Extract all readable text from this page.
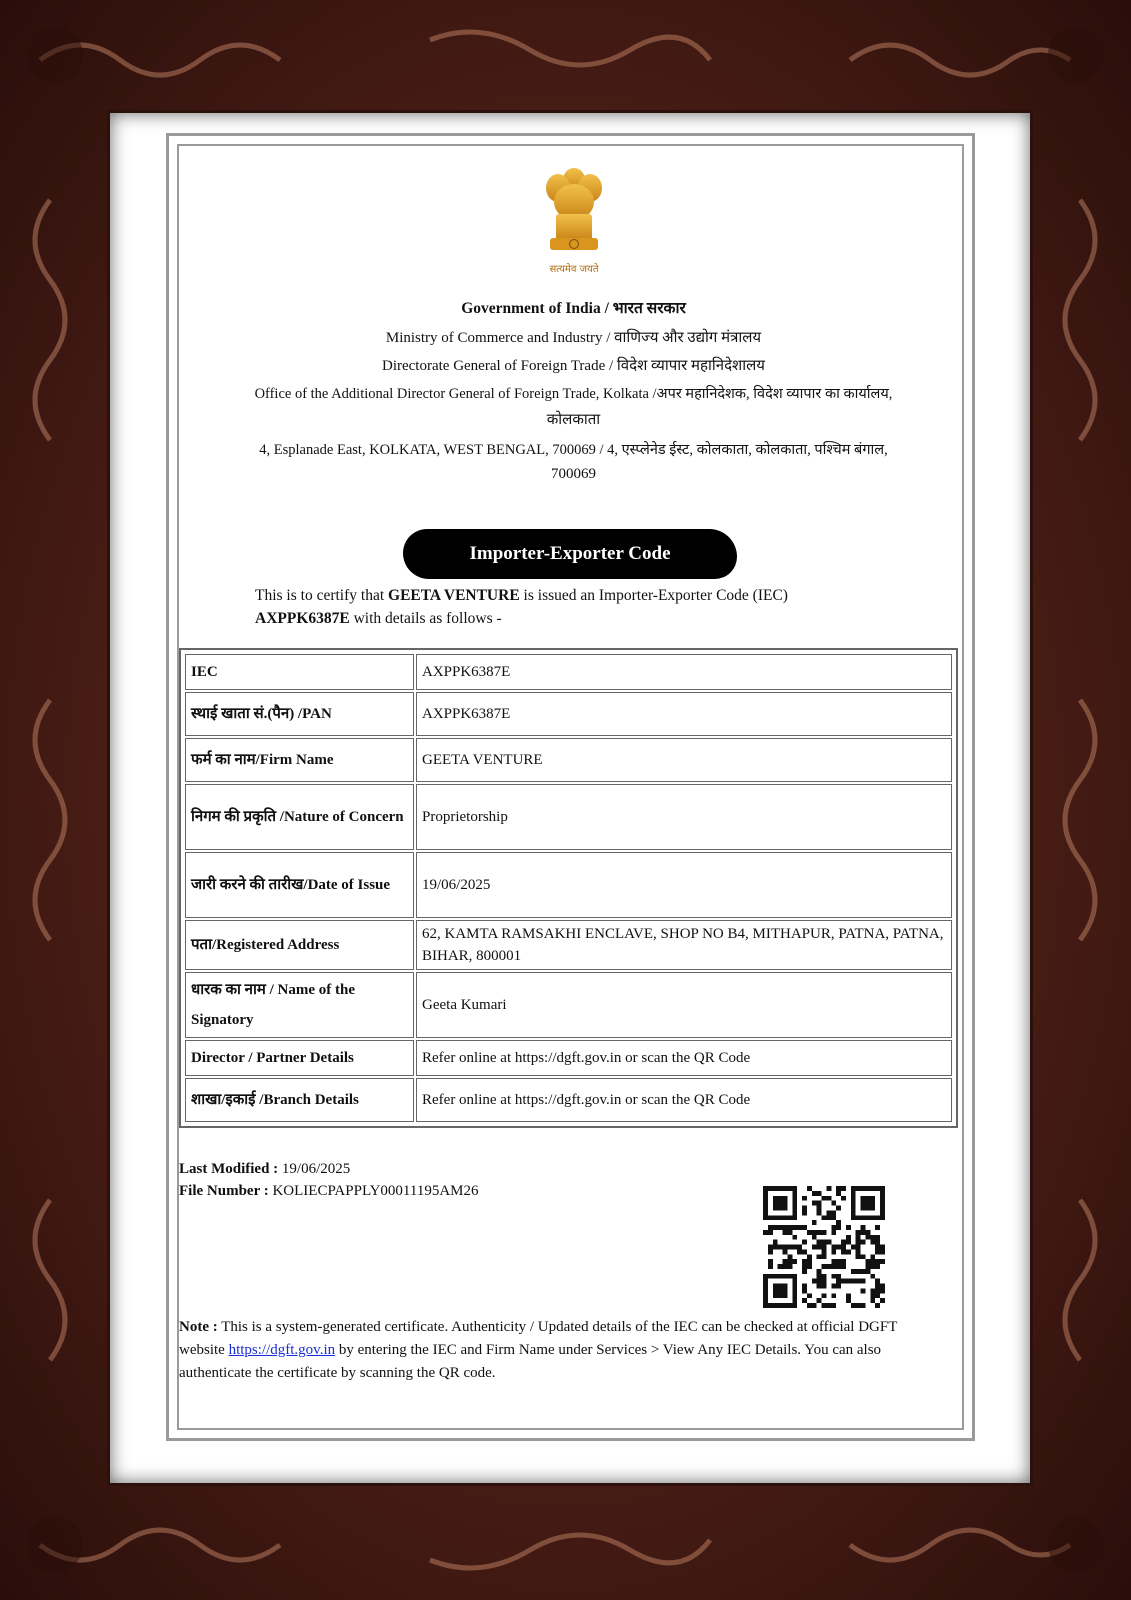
सत्यमेव जयते
Government of India / भारत सरकार
Ministry of Commerce and Industry / वाणिज्य और उद्योग मंत्रालय
Directorate General of Foreign Trade / विदेश व्यापार महानिदेशालय
Office of the Additional Director General of Foreign Trade, Kolkata /अपर महानिदेशक, विदेश व्यापार का कार्यालय,
कोलकाता
4, Esplanade East, KOLKATA, WEST BENGAL, 700069 / 4, एस्प्लेनेड ईस्ट, कोलकाता, कोलकाता, पश्चिम बंगाल,
700069
Importer-Exporter Code
This is to certify that GEETA VENTURE is issued an Importer-Exporter Code (IEC)
AXPPK6387E with details as follows -
IEC	AXPPK6387E
स्थाई खाता सं.(पैन) /PAN	AXPPK6387E
फर्म का नाम/Firm Name	GEETA VENTURE
निगम की प्रकृति /Nature of Concern	Proprietorship
जारी करने की तारीख/Date of Issue	19/06/2025
पता/Registered Address	62, KAMTA RAMSAKHI ENCLAVE, SHOP NO B4, MITHAPUR, PATNA, PATNA, BIHAR, 800001
धारक का नाम / Name of the Signatory	Geeta Kumari
Director / Partner Details	Refer online at https://dgft.gov.in or scan the QR Code
शाखा/इकाई /Branch Details	Refer online at https://dgft.gov.in or scan the QR Code
Last Modified : 19/06/2025
File Number : KOLIECPAPPLY00011195AM26
Note : This is a system-generated certificate. Authenticity / Updated details of the IEC can be checked at official DGFT website https://dgft.gov.in by entering the IEC and Firm Name under Services > View Any IEC Details. You can also authenticate the certificate by scanning the QR code.
